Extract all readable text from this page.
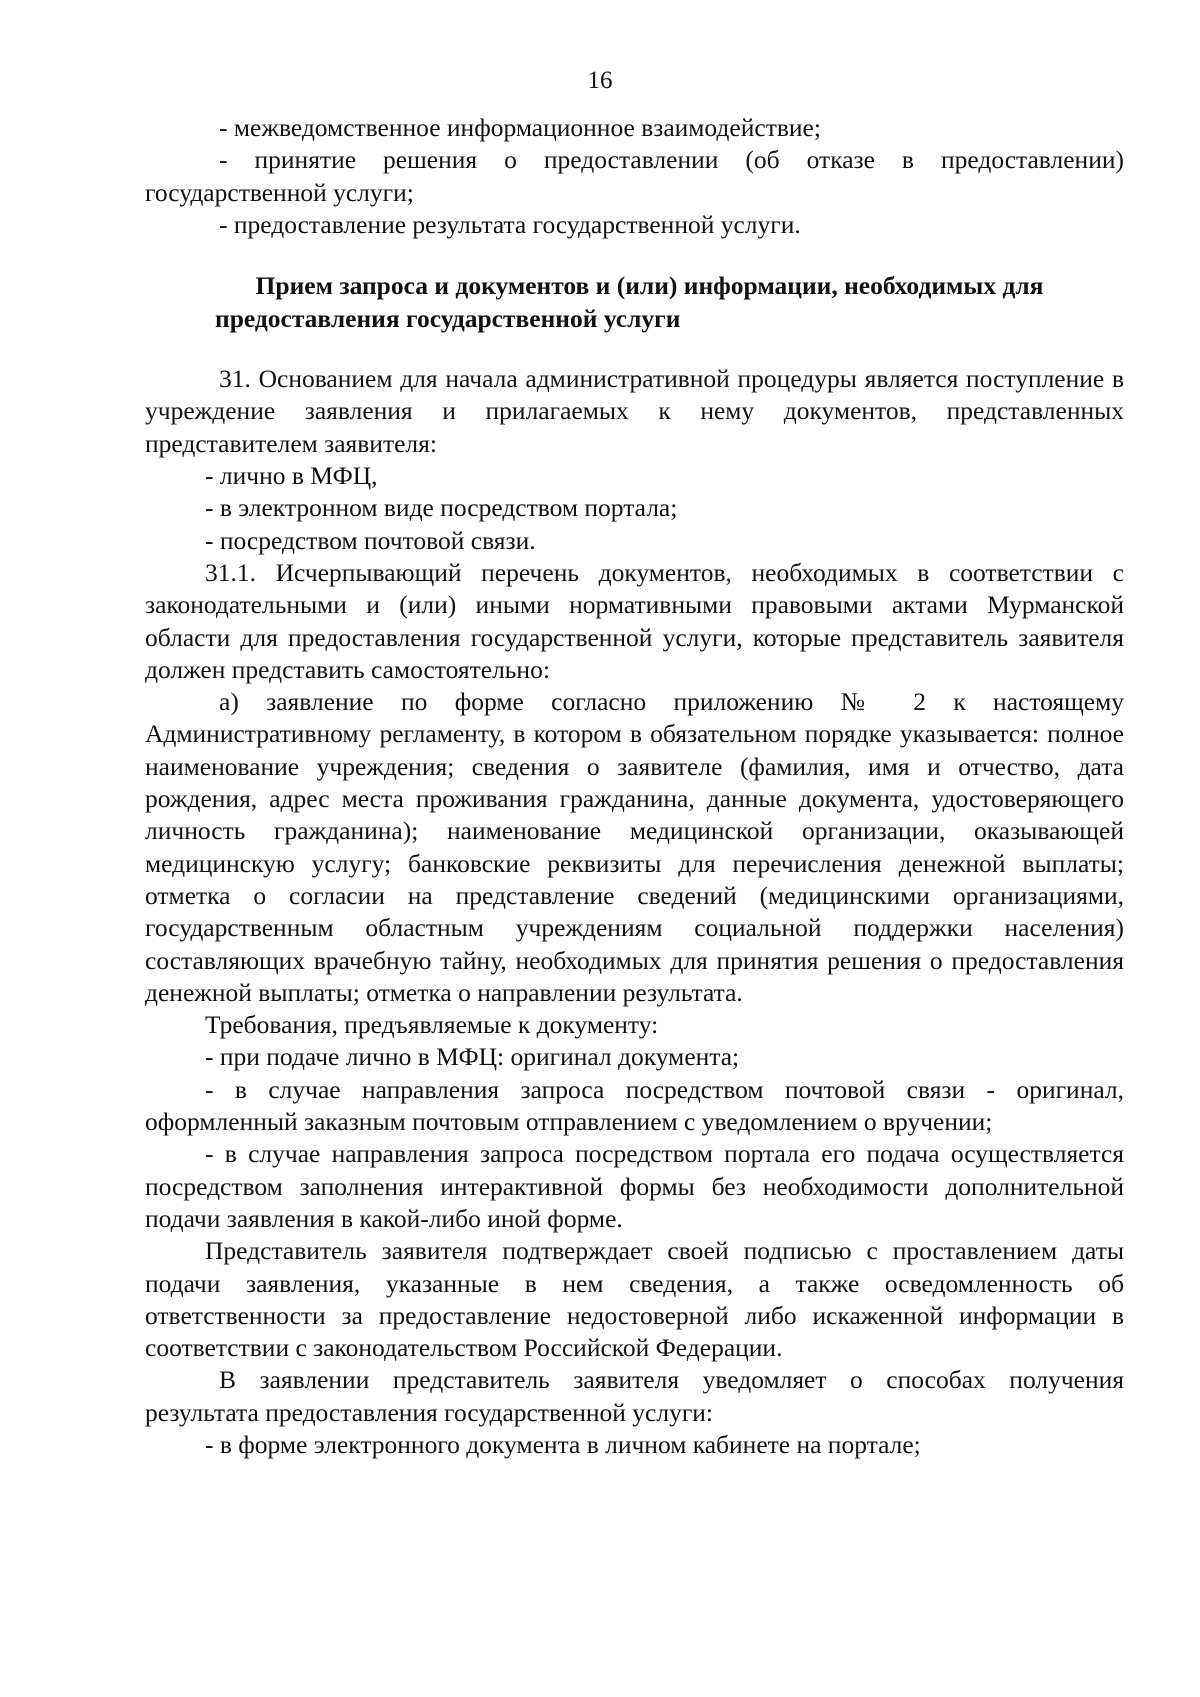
16

- межведомственное информационное взаимодействие;

- принятие решения о предоставлении (об отказе в предоставлении) государственной услуги;

- предоставление результата государственной услуги.

Прием запроса и документов и (или) информации, необходимых для предоставления государственной услуги

31. Основанием для начала административной процедуры является поступление в учреждение заявления и прилагаемых к нему документов, представленных представителем заявителя:

- лично в МФЦ,

- в электронном виде посредством портала;

- посредством почтовой связи.

31.1. Исчерпывающий перечень документов, необходимых в соответствии с законодательными и (или) иными нормативными правовыми актами Мурманской области для предоставления государственной услуги, которые представитель заявителя должен представить самостоятельно:

а) заявление по форме согласно приложению № 2 к настоящему Административному регламенту, в котором в обязательном порядке указывается: полное наименование учреждения; сведения о заявителе (фамилия, имя и отчество, дата рождения, адрес места проживания гражданина, данные документа, удостоверяющего личность гражданина); наименование медицинской организации, оказывающей медицинскую услугу; банковские реквизиты для перечисления денежной выплаты; отметка о согласии на представление сведений (медицинскими организациями, государственным областным учреждениям социальной поддержки населения) составляющих врачебную тайну, необходимых для принятия решения о предоставления денежной выплаты; отметка о направлении результата.

Требования, предъявляемые к документу:

- при подаче лично в МФЦ: оригинал документа;

- в случае направления запроса посредством почтовой связи - оригинал, оформленный заказным почтовым отправлением с уведомлением о вручении;

- в случае направления запроса посредством портала его подача осуществляется посредством заполнения интерактивной формы без необходимости дополнительной подачи заявления в какой-либо иной форме.

Представитель заявителя подтверждает своей подписью с проставлением даты подачи заявления, указанные в нем сведения, а также осведомленность об ответственности за предоставление недостоверной либо искаженной информации в соответствии с законодательством Российской Федерации.

В заявлении представитель заявителя уведомляет о способах получения результата предоставления государственной услуги:

- в форме электронного документа в личном кабинете на портале;
